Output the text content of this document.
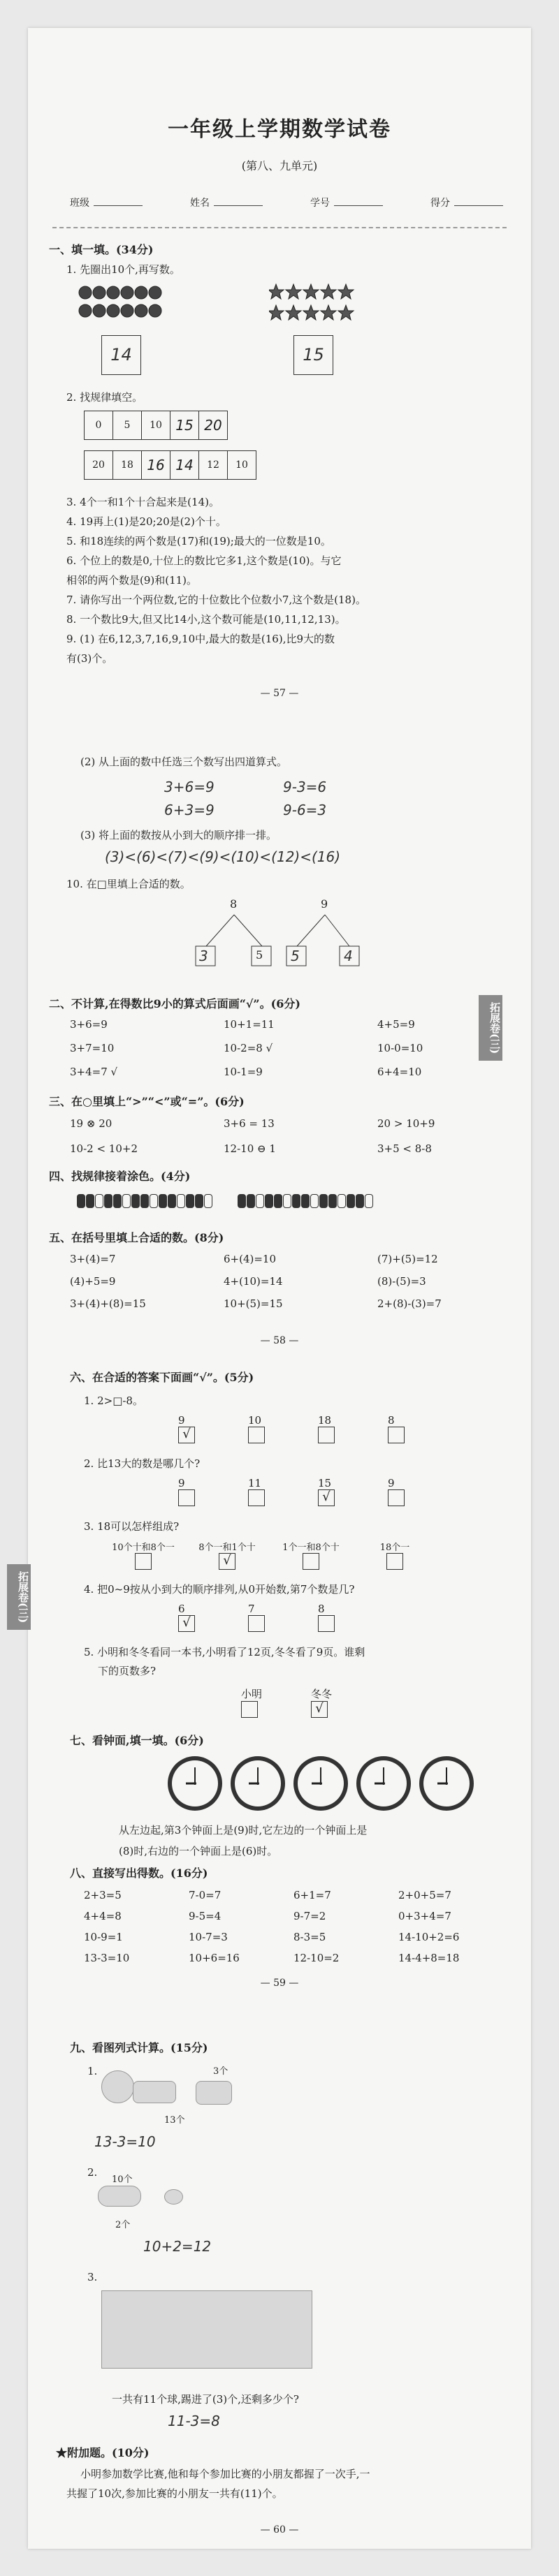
一年级上学期数学试卷
(第八、九单元)
班级	姓名	学号	得分
一、填一填。(34分)
1. 先圈出10个,再写数。
14	15
2. 找规律填空。
0	5	10	15	20
20	18	16	14	12	10
3. 4个一和1个十合起来是(14)。
4. 19再上(1)是20;20是(2)个十。
5. 和18连续的两个数是(17)和(19);最大的一位数是10。
6. 个位上的数是0,十位上的数比它多1,这个数是(10)。与它
相邻的两个数是(9)和(11)。
7. 请你写出一个两位数,它的十位数比个位数小7,这个数是(18)。
8. 一个数比9大,但又比14小,这个数可能是(10,11,12,13)。
9. (1) 在6,12,3,7,16,9,10中,最大的数是(16),比9大的数
有(3)个。
— 57 —
(2) 从上面的数中任选三个数写出四道算式。
3+6=9	9-3=6
6+3=9	9-6=3
(3) 将上面的数按从小到大的顺序排一排。
(3)<(6)<(7)<(9)<(10)<(12)<(16)
10. 在□里填上合适的数。
8
3	5 5
9
4
二、不计算,在得数比9小的算式后面画“√”。(6分)
3+6=9	10+1=11	4+5=9
3+7=10	10-2=8 √	10-0=10
3+4=7 √	10-1=9	6+4=10
三、在○里填上“>”“<”或“=”。(6分)
19 ⊗ 20	3+6 = 13	20 > 10+9
10-2 < 10+2	12-10 ⊖ 1	3+5 < 8-8
四、找规律接着涂色。(4分)
五、在括号里填上合适的数。(8分)
3+(4)=7	6+(4)=10	(7)+(5)=12
(4)+5=9	4+(10)=14	(8)-(5)=3
3+(4)+(8)=15	10+(5)=15	2+(8)-(3)=7
— 58 —
拓展卷(三)
拓展卷(三)
六、在合适的答案下面画“√”。(5分)
1. 2>□-8。
9
√10	18	8

2. 比13大的数是哪几个?
9	11	15
√9

3. 18可以怎样组成?
10个十和8个一	8个一和1个十
√1个一和8个十	18个一

4. 把0~9按从小到大的顺序排列,从0开始数,第7个数是几?
6
√7	8

5. 小明和冬冬看同一本书,小明看了12页,冬冬看了9页。谁剩
下的页数多?
小明	冬冬
√
七、看钟面,填一填。(6分)
从左边起,第3个钟面上是(9)时,它左边的一个钟面上是
(8)时,右边的一个钟面上是(6)时。
八、直接写出得数。(16分)
2+3=5	7-0=7	6+1=7	2+0+5=7
4+4=8	9-5=4	9-7=2	0+3+4=7
10-9=1	10-7=3	8-3=5	14-10+2=6
13-3=10	10+6=16	12-10=2	14-4+8=18
— 59 —
九、看图列式计算。(15分)
1.	3个
13个
13-3=10
2.
10个
2个
10+2=12
3.
一共有11个球,踢进了(3)个,还剩多少个?
11-3=8
★附加题。(10分)
小明参加数学比赛,他和每个参加比赛的小朋友都握了一次手,一
共握了10次,参加比赛的小朋友一共有(11)个。
— 60 —
